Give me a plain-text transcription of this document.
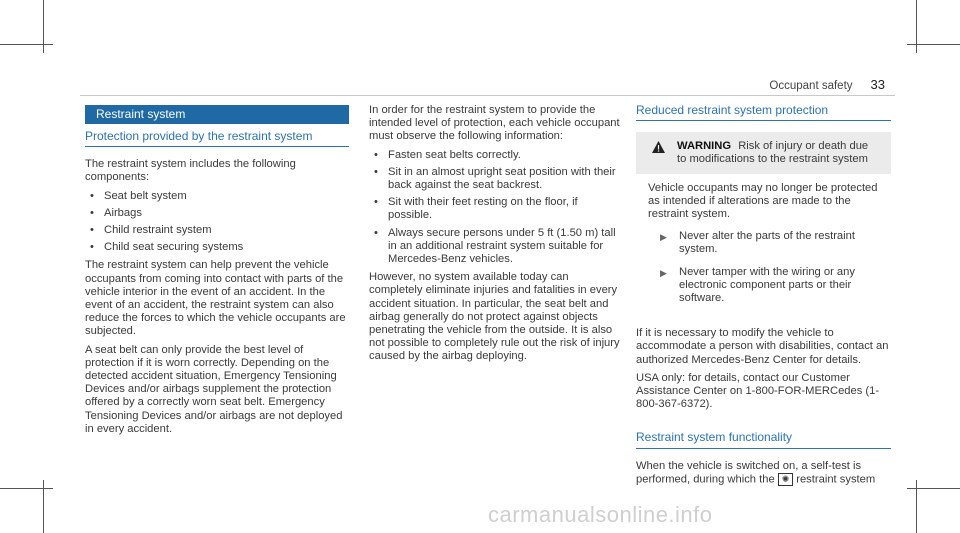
Occupant safety 33
Restraint system
Protection provided by the restraint system

The restraint system includes the following components:

• Seat belt system
• Airbags
• Child restraint system
• Child seat securing systems

The restraint system can help prevent the vehicle occupants from coming into contact with parts of the vehicle interior in the event of an accident. In the event of an accident, the restraint system can also reduce the forces to which the vehicle occupants are subjected.

A seat belt can only provide the best level of protection if it is worn correctly. Depending on the detected accident situation, Emergency Tensioning Devices and/or airbags supplement the protection offered by a correctly worn seat belt. Emergency Tensioning Devices and/or airbags are not deployed in every accident.

In order for the restraint system to provide the intended level of protection, each vehicle occupant must observe the following information:

• Fasten seat belts correctly.
• Sit in an almost upright seat position with their back against the seat backrest.
• Sit with their feet resting on the floor, if possible.
• Always secure persons under 5 ft (1.50 m) tall in an additional restraint system suitable for Mercedes-Benz vehicles.

However, no system available today can completely eliminate injuries and fatalities in every accident situation. In particular, the seat belt and airbag generally do not protect against objects penetrating the vehicle from the outside. It is also not possible to completely rule out the risk of injury caused by the airbag deploying.

Reduced restraint system protection
WARNING Risk of injury or death due to modifications to the restraint system

Vehicle occupants may no longer be protected as intended if alterations are made to the restraint system.

▶ Never alter the parts of the restraint system.
▶ Never tamper with the wiring or any electronic component parts or their software.

If it is necessary to modify the vehicle to accommodate a person with disabilities, contact an authorized Mercedes-Benz Center for details.

USA only: for details, contact our Customer Assistance Center on 1-800-FOR-MERCedes (1-800-367-6372).

Restraint system functionality

When the vehicle is switched on, a self-test is performed, during which the ✺ restraint system

carmanualsonline.info
